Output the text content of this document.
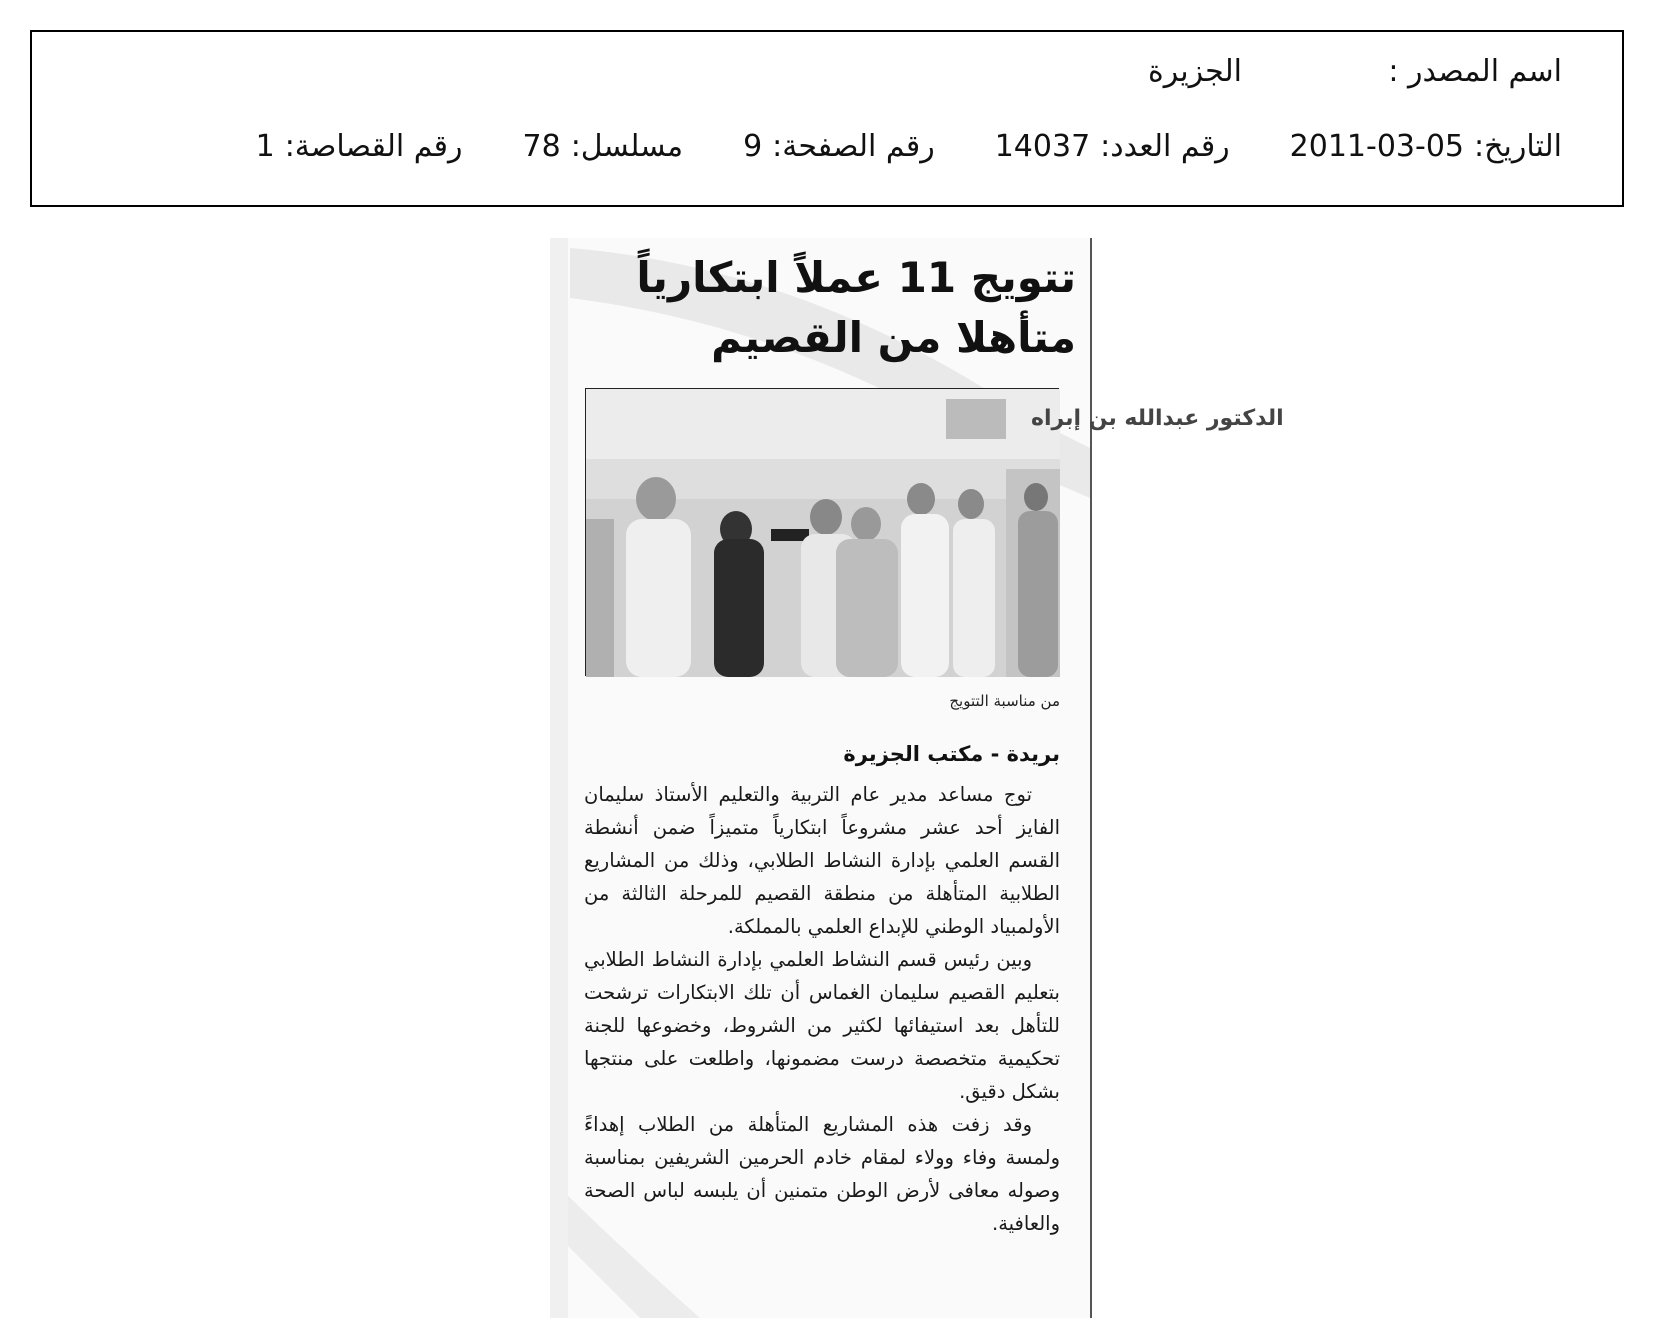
اسم المصدر :
الجزيرة
التاريخ:
2011-03-05
رقم العدد:
14037
رقم الصفحة:
9
مسلسل:
78
رقم القصاصة:
1
تتويج 11 عملاً ابتكارياً
متأهلا من القصيم
الدكتور عبدالله بن إبراه
من مناسبة التتويج
بريدة - مكتب الجزيرة

توج مساعد مدير عام التربية والتعليم الأستاذ سليمان الفايز أحد عشر مشروعاً ابتكارياً متميزاً ضمن أنشطة القسم العلمي بإدارة النشاط الطلابي، وذلك من المشاريع الطلابية المتأهلة من منطقة القصيم للمرحلة الثالثة من الأولمبياد الوطني للإبداع العلمي بالمملكة.

وبين رئيس قسم النشاط العلمي بإدارة النشاط الطلابي بتعليم القصيم سليمان الغماس أن تلك الابتكارات ترشحت للتأهل بعد استيفائها لكثير من الشروط، وخضوعها للجنة تحكيمية متخصصة درست مضمونها، واطلعت على منتجها بشكل دقيق.

وقد زفت هذه المشاريع المتأهلة من الطلاب إهداءً ولمسة وفاء وولاء لمقام خادم الحرمين الشريفين بمناسبة وصوله معافى لأرض الوطن متمنين أن يلبسه لباس الصحة والعافية.
